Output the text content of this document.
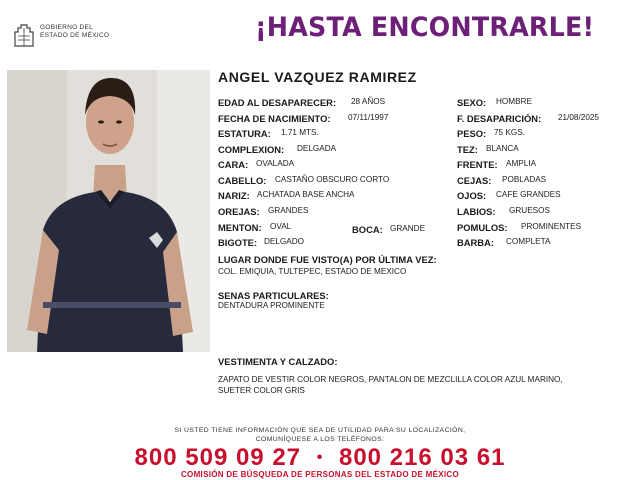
GOBIERNO DEL
ESTADO DE MÉXICO	¡HASTA ENCONTRARLE!
ANGEL VAZQUEZ RAMIREZ
EDAD AL DESAPARECER: 28 AÑOS
FECHA DE NACIMIENTO: 07/11/1997
ESTATURA: 1.71 MTS.
COMPLEXION: DELGADA
CARA: OVALADA
CABELLO: CASTAÑO OBSCURO CORTO
NARIZ: ACHATADA BASE ANCHA
OREJAS: GRANDES
MENTON: OVAL	BOCA: GRANDE
BIGOTE: DELGADO
SEXO: HOMBRE
F. DESAPARICIÓN: 21/08/2025
PESO: 75 KGS.
TEZ: BLANCA
FRENTE: AMPLIA
CEJAS: POBLADAS
OJOS: CAFE GRANDES
LABIOS: GRUESOS
POMULOS: PROMINENTES
BARBA: COMPLETA
LUGAR DONDE FUE VISTO(A) POR ÚLTIMA VEZ:
COL. EMIQUIA, TULTEPEC, ESTADO DE MEXICO
SENAS PARTICULARES:
DENTADURA PROMINENTE
VESTIMENTA Y CALZADO:
ZAPATO DE VESTIR COLOR NEGROS, PANTALON DE MEZCLILLA COLOR AZUL MARINO,
SUETER COLOR GRIS
SI USTED TIENE INFORMACIÓN QUE SEA DE UTILIDAD PARA SU LOCALIZACIÓN,
COMUNÍQUESE A LOS TELÉFONOS:
800 509 09 27 • 800 216 03 61
COMISIÓN DE BÚSQUEDA DE PERSONAS DEL ESTADO DE MÉXICO
